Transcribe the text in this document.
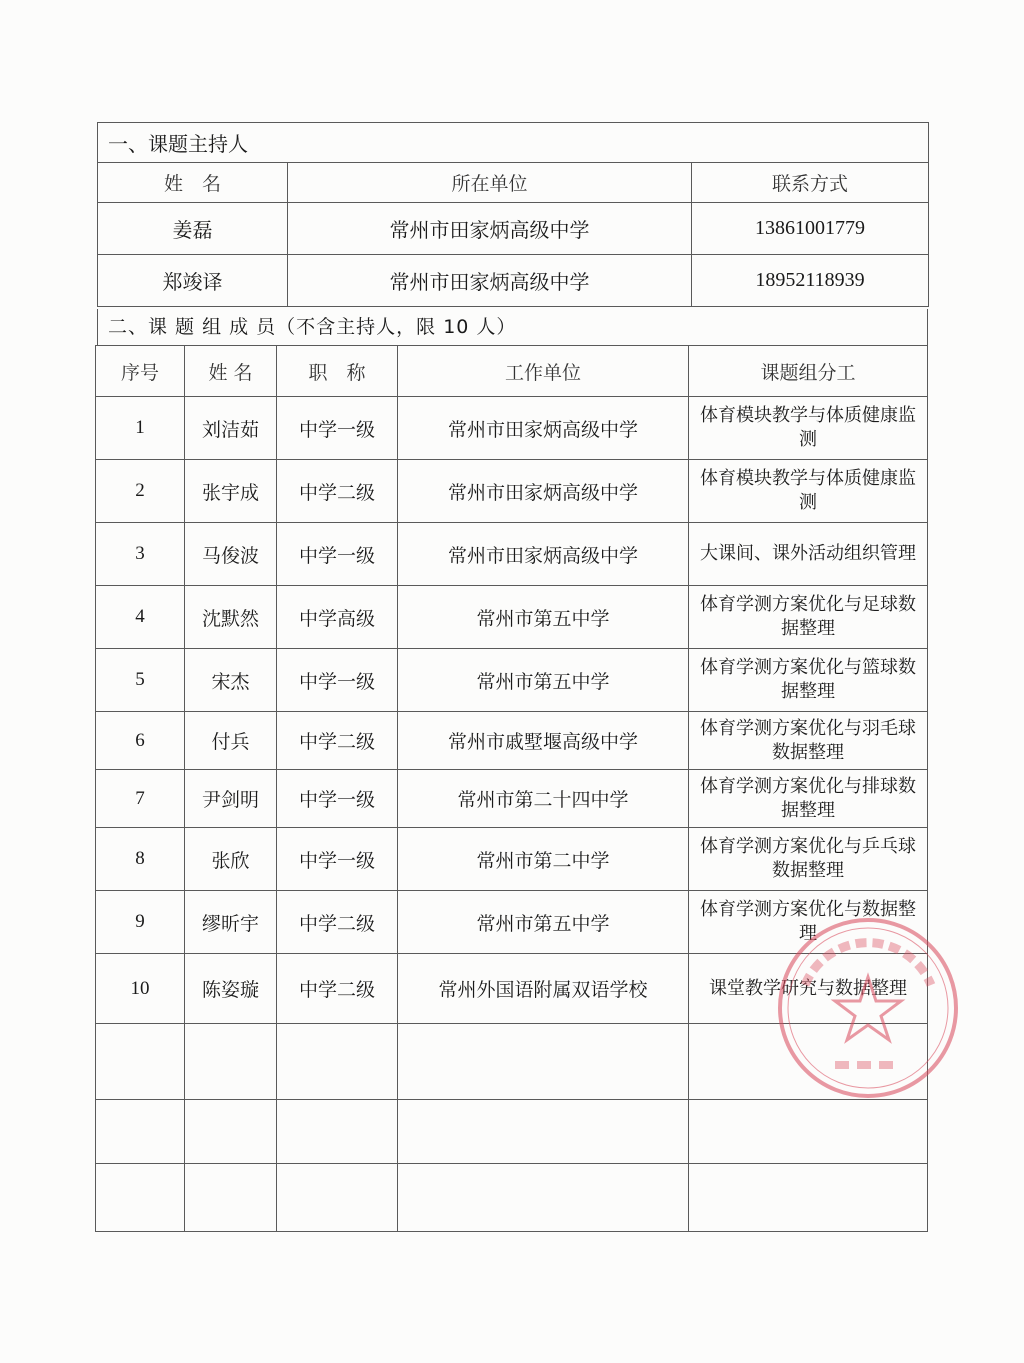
一、课题主持人		
姓　名	所在单位	联系方式
姜磊	常州市田家炳高级中学	13861001779
郑竣译	常州市田家炳高级中学	18952118939
二、课 题 组 成 员（不含主持人，限 10 人）
序号	姓 名	职　称	工作单位	课题组分工
1	刘洁茹	中学一级	常州市田家炳高级中学	体育模块教学与体质健康监测
2	张宇成	中学二级	常州市田家炳高级中学	体育模块教学与体质健康监测
3	马俊波	中学一级	常州市田家炳高级中学	大课间、课外活动组织管理
4	沈默然	中学高级	常州市第五中学	体育学测方案优化与足球数据整理
5	宋杰	中学一级	常州市第五中学	体育学测方案优化与篮球数据整理
6	付兵	中学二级	常州市戚墅堰高级中学	体育学测方案优化与羽毛球数据整理
7	尹剑明	中学一级	常州市第二十四中学	体育学测方案优化与排球数据整理
8	张欣	中学一级	常州市第二中学	体育学测方案优化与乒乓球数据整理
9	缪昕宇	中学二级	常州市第五中学	体育学测方案优化与数据整理
10	陈姿璇	中学二级	常州外国语附属双语学校	课堂教学研究与数据整理
